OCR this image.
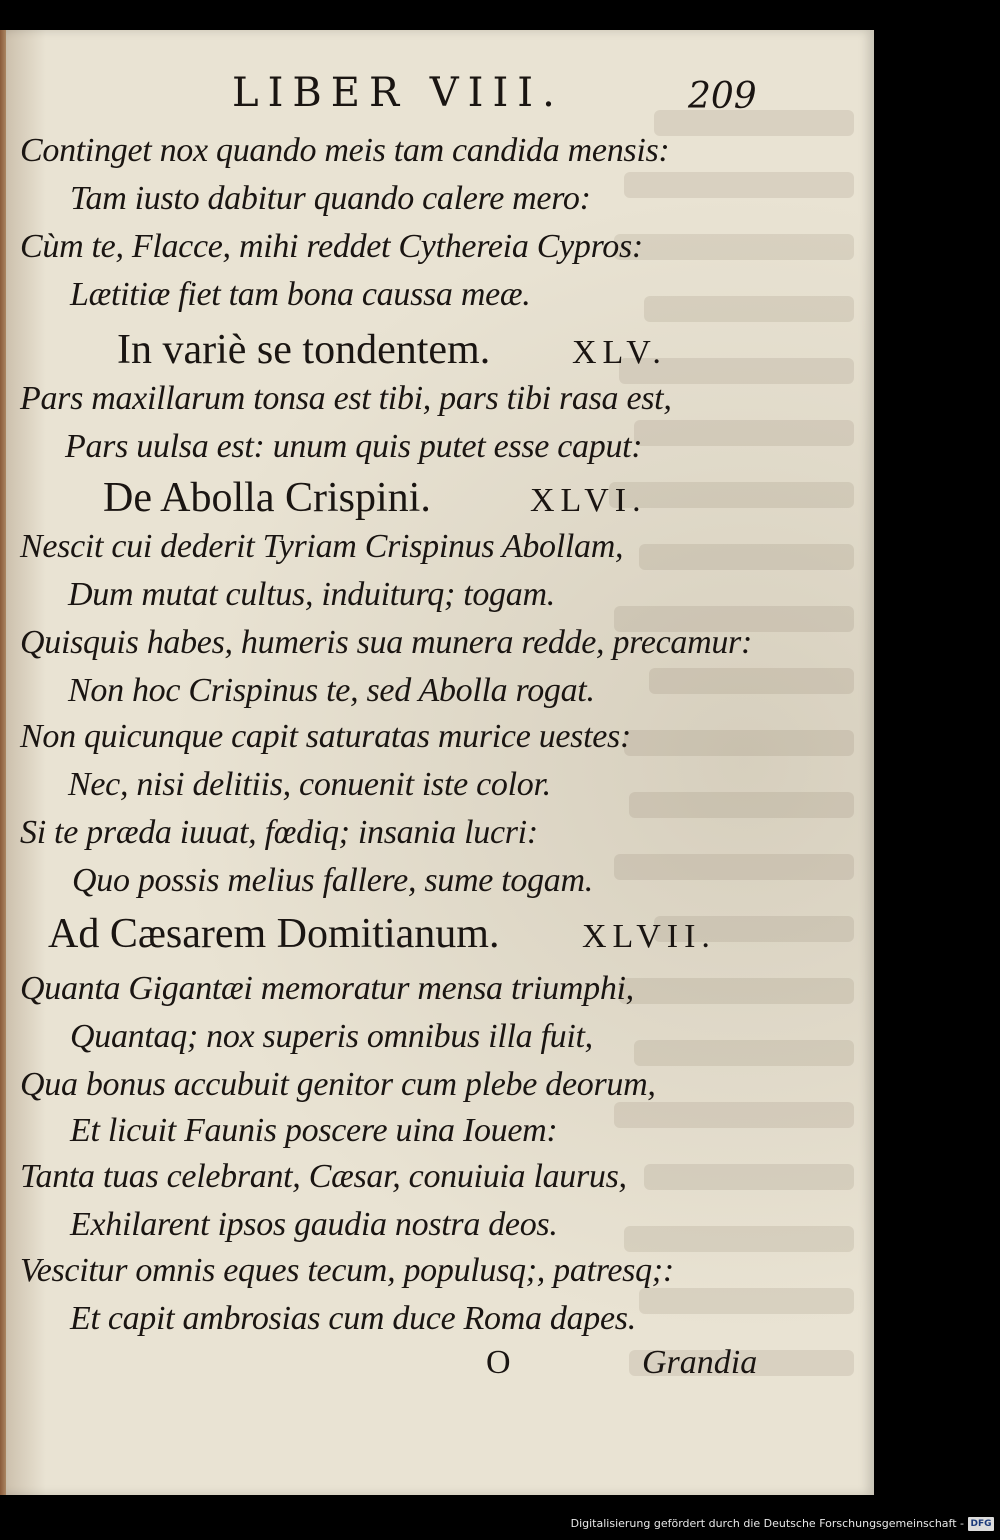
LIBER VIII.	209
Continget nox quando meis tam candida mensis:
Tam iusto dabitur quando calere mero:
Cùm te, Flacce, mihi reddet Cythereia Cypros:
Lætitiæ fiet tam bona caussa meæ.
In variè se tondentem. XLV.
Pars maxillarum tonsa est tibi, pars tibi rasa est,
Pars uulsa est: unum quis putet esse caput:
De Abolla Crispini.	XLVI.
Nescit cui dederit Tyriam Crispinus Abollam,
Dum mutat cultus, induiturq; togam.
Quisquis habes, humeris sua munera redde, precamur:
Non hoc Crispinus te, sed Abolla rogat.
Non quicunque capit saturatas murice uestes:
Nec, nisi delitiis, conuenit iste color.
Si te præda iuuat, fœdiq; insania lucri:
Quo possis melius fallere, sume togam.
Ad Cæsarem Domitianum. XLVII.
Quanta Gigantæi memoratur mensa triumphi,
Quantaq; nox superis omnibus illa fuit,
Qua bonus accubuit genitor cum plebe deorum,
Et licuit Faunis poscere uina Iouem:
Tanta tuas celebrant, Cæsar, conuiuia laurus,
Exhilarent ipsos gaudia nostra deos.
Vescitur omnis eques tecum, populusq;, patresq;:
Et capit ambrosias cum duce Roma dapes.
O	Grandia
Digitalisierung gefördert durch die Deutsche Forschungsgemeinschaft - DFG
